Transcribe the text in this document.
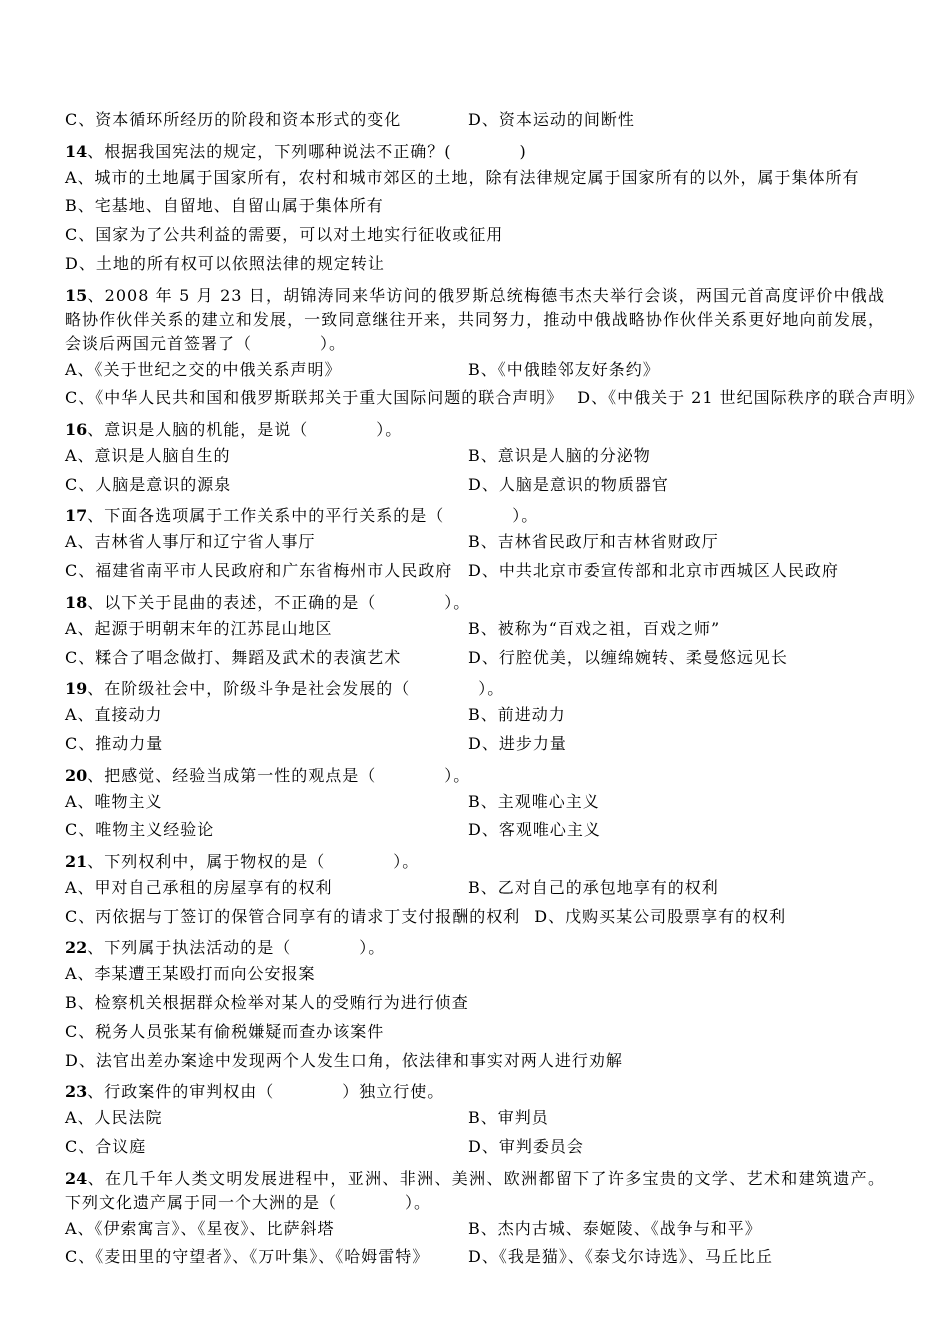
C、资本循环所经历的阶段和资本形式的变化	D、资本运动的间断性
14、根据我国宪法的规定，下列哪种说法不正确？(　　　　)
A、城市的土地属于国家所有，农村和城市郊区的土地，除有法律规定属于国家所有的以外，属于集体所有
B、宅基地、自留地、自留山属于集体所有
C、国家为了公共利益的需要，可以对土地实行征收或征用
D、土地的所有权可以依照法律的规定转让
15、2008 年 5 月 23 日，胡锦涛同来华访问的俄罗斯总统梅德韦杰夫举行会谈，两国元首高度评价中俄战略协作伙伴关系的建立和发展，一致同意继往开来，共同努力，推动中俄战略协作伙伴关系更好地向前发展，会谈后两国元首签署了（　　　　）。
A、《关于世纪之交的中俄关系声明》	B、《中俄睦邻友好条约》
C、《中华人民共和国和俄罗斯联邦关于重大国际问题的联合声明》 D、《中俄关于 21 世纪国际秩序的联合声明》
16、意识是人脑的机能，是说（　　　　）。
A、意识是人脑自生的	B、意识是人脑的分泌物
C、人脑是意识的源泉	D、人脑是意识的物质器官
17、下面各选项属于工作关系中的平行关系的是（　　　　）。
A、吉林省人事厅和辽宁省人事厅	B、吉林省民政厅和吉林省财政厅
C、福建省南平市人民政府和广东省梅州市人民政府 D、中共北京市委宣传部和北京市西城区人民政府
18、以下关于昆曲的表述，不正确的是（　　　　）。
A、起源于明朝末年的江苏昆山地区	B、被称为“百戏之祖，百戏之师”
C、糅合了唱念做打、舞蹈及武术的表演艺术	D、行腔优美，以缠绵婉转、柔曼悠远见长
19、在阶级社会中，阶级斗争是社会发展的（　　　　）。
A、直接动力	B、前进动力
C、推动力量	D、进步力量
20、把感觉、经验当成第一性的观点是（　　　　）。
A、唯物主义	B、主观唯心主义
C、唯物主义经验论	D、客观唯心主义
21、下列权利中，属于物权的是（　　　　）。
A、甲对自己承租的房屋享有的权利	B、乙对自己的承包地享有的权利
C、丙依据与丁签订的保管合同享有的请求丁支付报酬的权利 D、戊购买某公司股票享有的权利
22、下列属于执法活动的是（　　　　）。
A、李某遭王某殴打而向公安报案
B、检察机关根据群众检举对某人的受贿行为进行侦查
C、税务人员张某有偷税嫌疑而查办该案件
D、法官出差办案途中发现两个人发生口角，依法律和事实对两人进行劝解
23、行政案件的审判权由（　　　　）独立行使。
A、人民法院	B、审判员
C、合议庭	D、审判委员会
24、在几千年人类文明发展进程中，亚洲、非洲、美洲、欧洲都留下了许多宝贵的文学、艺术和建筑遗产。下列文化遗产属于同一个大洲的是（　　　　）。
A、《伊索寓言》、《星夜》、比萨斜塔	B、杰内古城、泰姬陵、《战争与和平》
C、《麦田里的守望者》、《万叶集》、《哈姆雷特》 D、《我是猫》、《泰戈尔诗选》、马丘比丘
